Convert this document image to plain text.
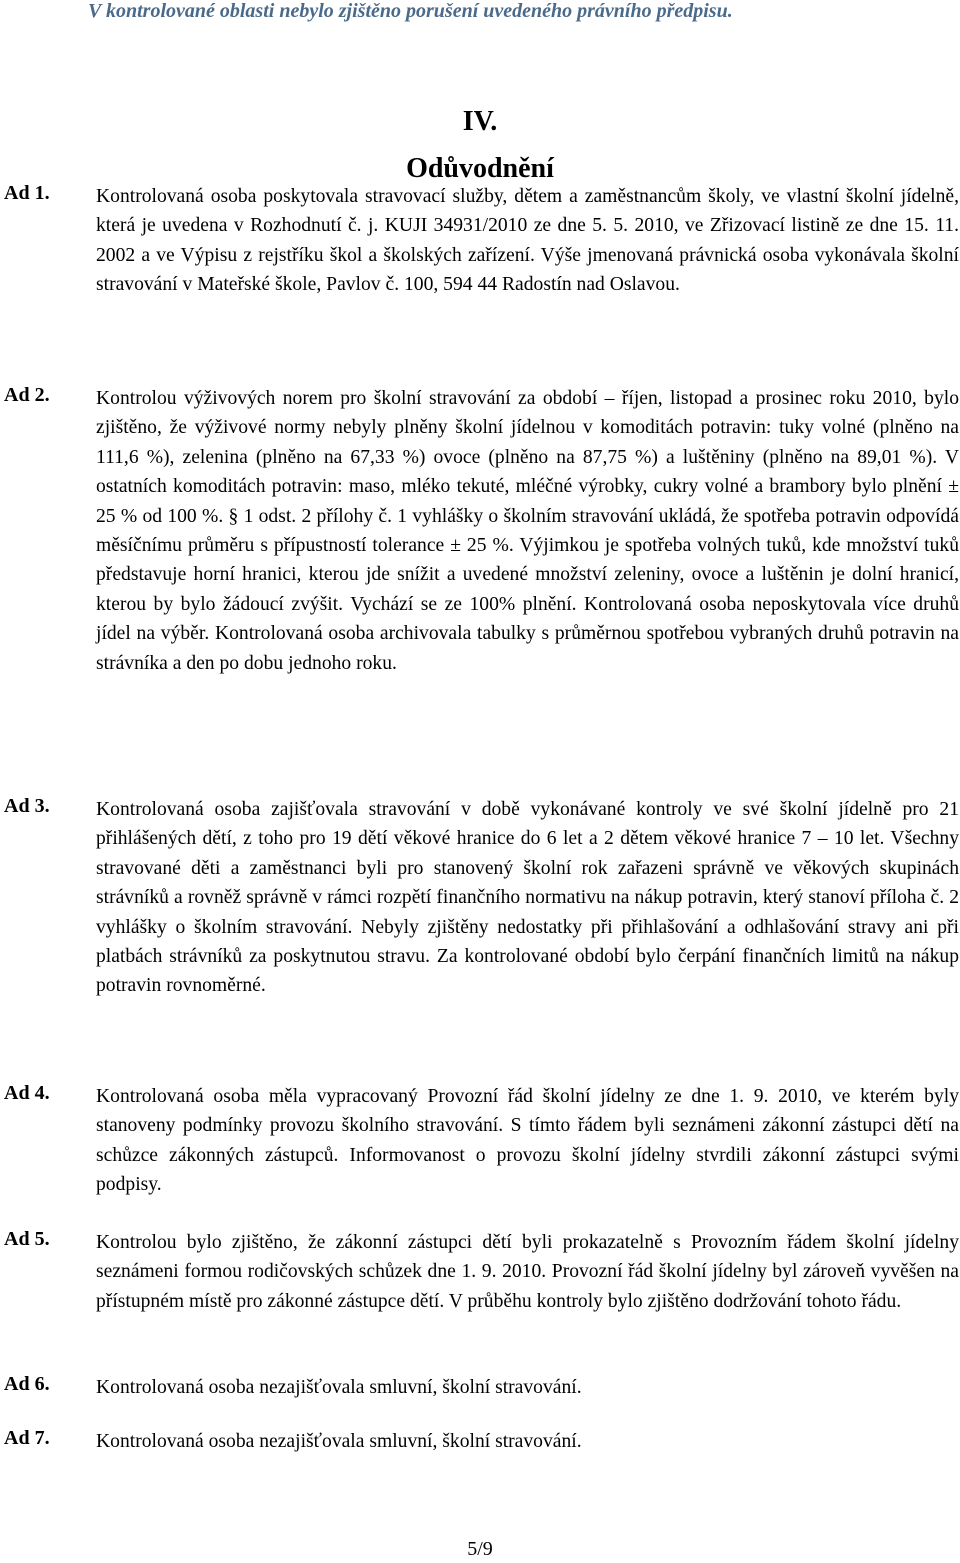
V kontrolované oblasti nebylo zjištěno porušení uvedeného právního předpisu.
IV.
Odůvodnění
Ad 1. Kontrolovaná osoba poskytovala stravovací služby, dětem a zaměstnancům školy, ve vlastní školní jídelně, která je uvedena v Rozhodnutí č. j. KUJI 34931/2010 ze dne 5. 5. 2010, ve Zřizovací listině ze dne 15. 11. 2002 a ve Výpisu z rejstříku škol a školských zařízení. Výše jmenovaná právnická osoba vykonávala školní stravování v Mateřské škole, Pavlov č. 100, 594 44 Radostín nad Oslavou.
Ad 2. Kontrolou výživových norem pro školní stravování za období – říjen, listopad a prosinec roku 2010, bylo zjištěno, že výživové normy nebyly plněny školní jídelnou v komoditách potravin: tuky volné (plněno na 111,6 %), zelenina (plněno na 67,33 %) ovoce (plněno na 87,75 %) a luštěniny (plněno na 89,01 %). V ostatních komoditách potravin: maso, mléko tekuté, mléčné výrobky, cukry volné a brambory bylo plnění ± 25 % od 100 %. § 1 odst. 2 přílohy č. 1 vyhlášky o školním stravování ukládá, že spotřeba potravin odpovídá měsíčnímu průměru s přípustností tolerance ± 25 %. Výjimkou je spotřeba volných tuků, kde množství tuků představuje horní hranici, kterou jde snížit a uvedené množství zeleniny, ovoce a luštěnin je dolní hranicí, kterou by bylo žádoucí zvýšit. Vychází se ze 100% plnění. Kontrolovaná osoba neposkytovala více druhů jídel na výběr. Kontrolovaná osoba archivovala tabulky s průměrnou spotřebou vybraných druhů potravin na strávníka a den po dobu jednoho roku.
Ad 3. Kontrolovaná osoba zajišťovala stravování v době vykonávané kontroly ve své školní jídelně pro 21 přihlášených dětí, z toho pro 19 dětí věkové hranice do 6 let a 2 dětem věkové hranice 7 – 10 let. Všechny stravované děti a zaměstnanci byli pro stanovený školní rok zařazeni správně ve věkových skupinách strávníků a rovněž správně v rámci rozpětí finančního normativu na nákup potravin, který stanoví příloha č. 2 vyhlášky o školním stravování. Nebyly zjištěny nedostatky při přihlašování a odhlašování stravy ani při platbách strávníků za poskytnutou stravu. Za kontrolované období bylo čerpání finančních limitů na nákup potravin rovnoměrné.
Ad 4. Kontrolovaná osoba měla vypracovaný Provozní řád školní jídelny ze dne 1. 9. 2010, ve kterém byly stanoveny podmínky provozu školního stravování. S tímto řádem byli seznámeni zákonní zástupci dětí na schůzce zákonných zástupců. Informovanost o provozu školní jídelny stvrdili zákonní zástupci svými podpisy.
Ad 5. Kontrolou bylo zjištěno, že zákonní zástupci dětí byli prokazatelně s Provozním řádem školní jídelny seznámeni formou rodičovských schůzek dne 1. 9. 2010. Provozní řád školní jídelny byl zároveň vyvěšen na přístupném místě pro zákonné zástupce dětí. V průběhu kontroly bylo zjištěno dodržování tohoto řádu.
Ad 6. Kontrolovaná osoba nezajišťovala smluvní, školní stravování.
Ad 7. Kontrolovaná osoba nezajišťovala smluvní, školní stravování.
5/9
